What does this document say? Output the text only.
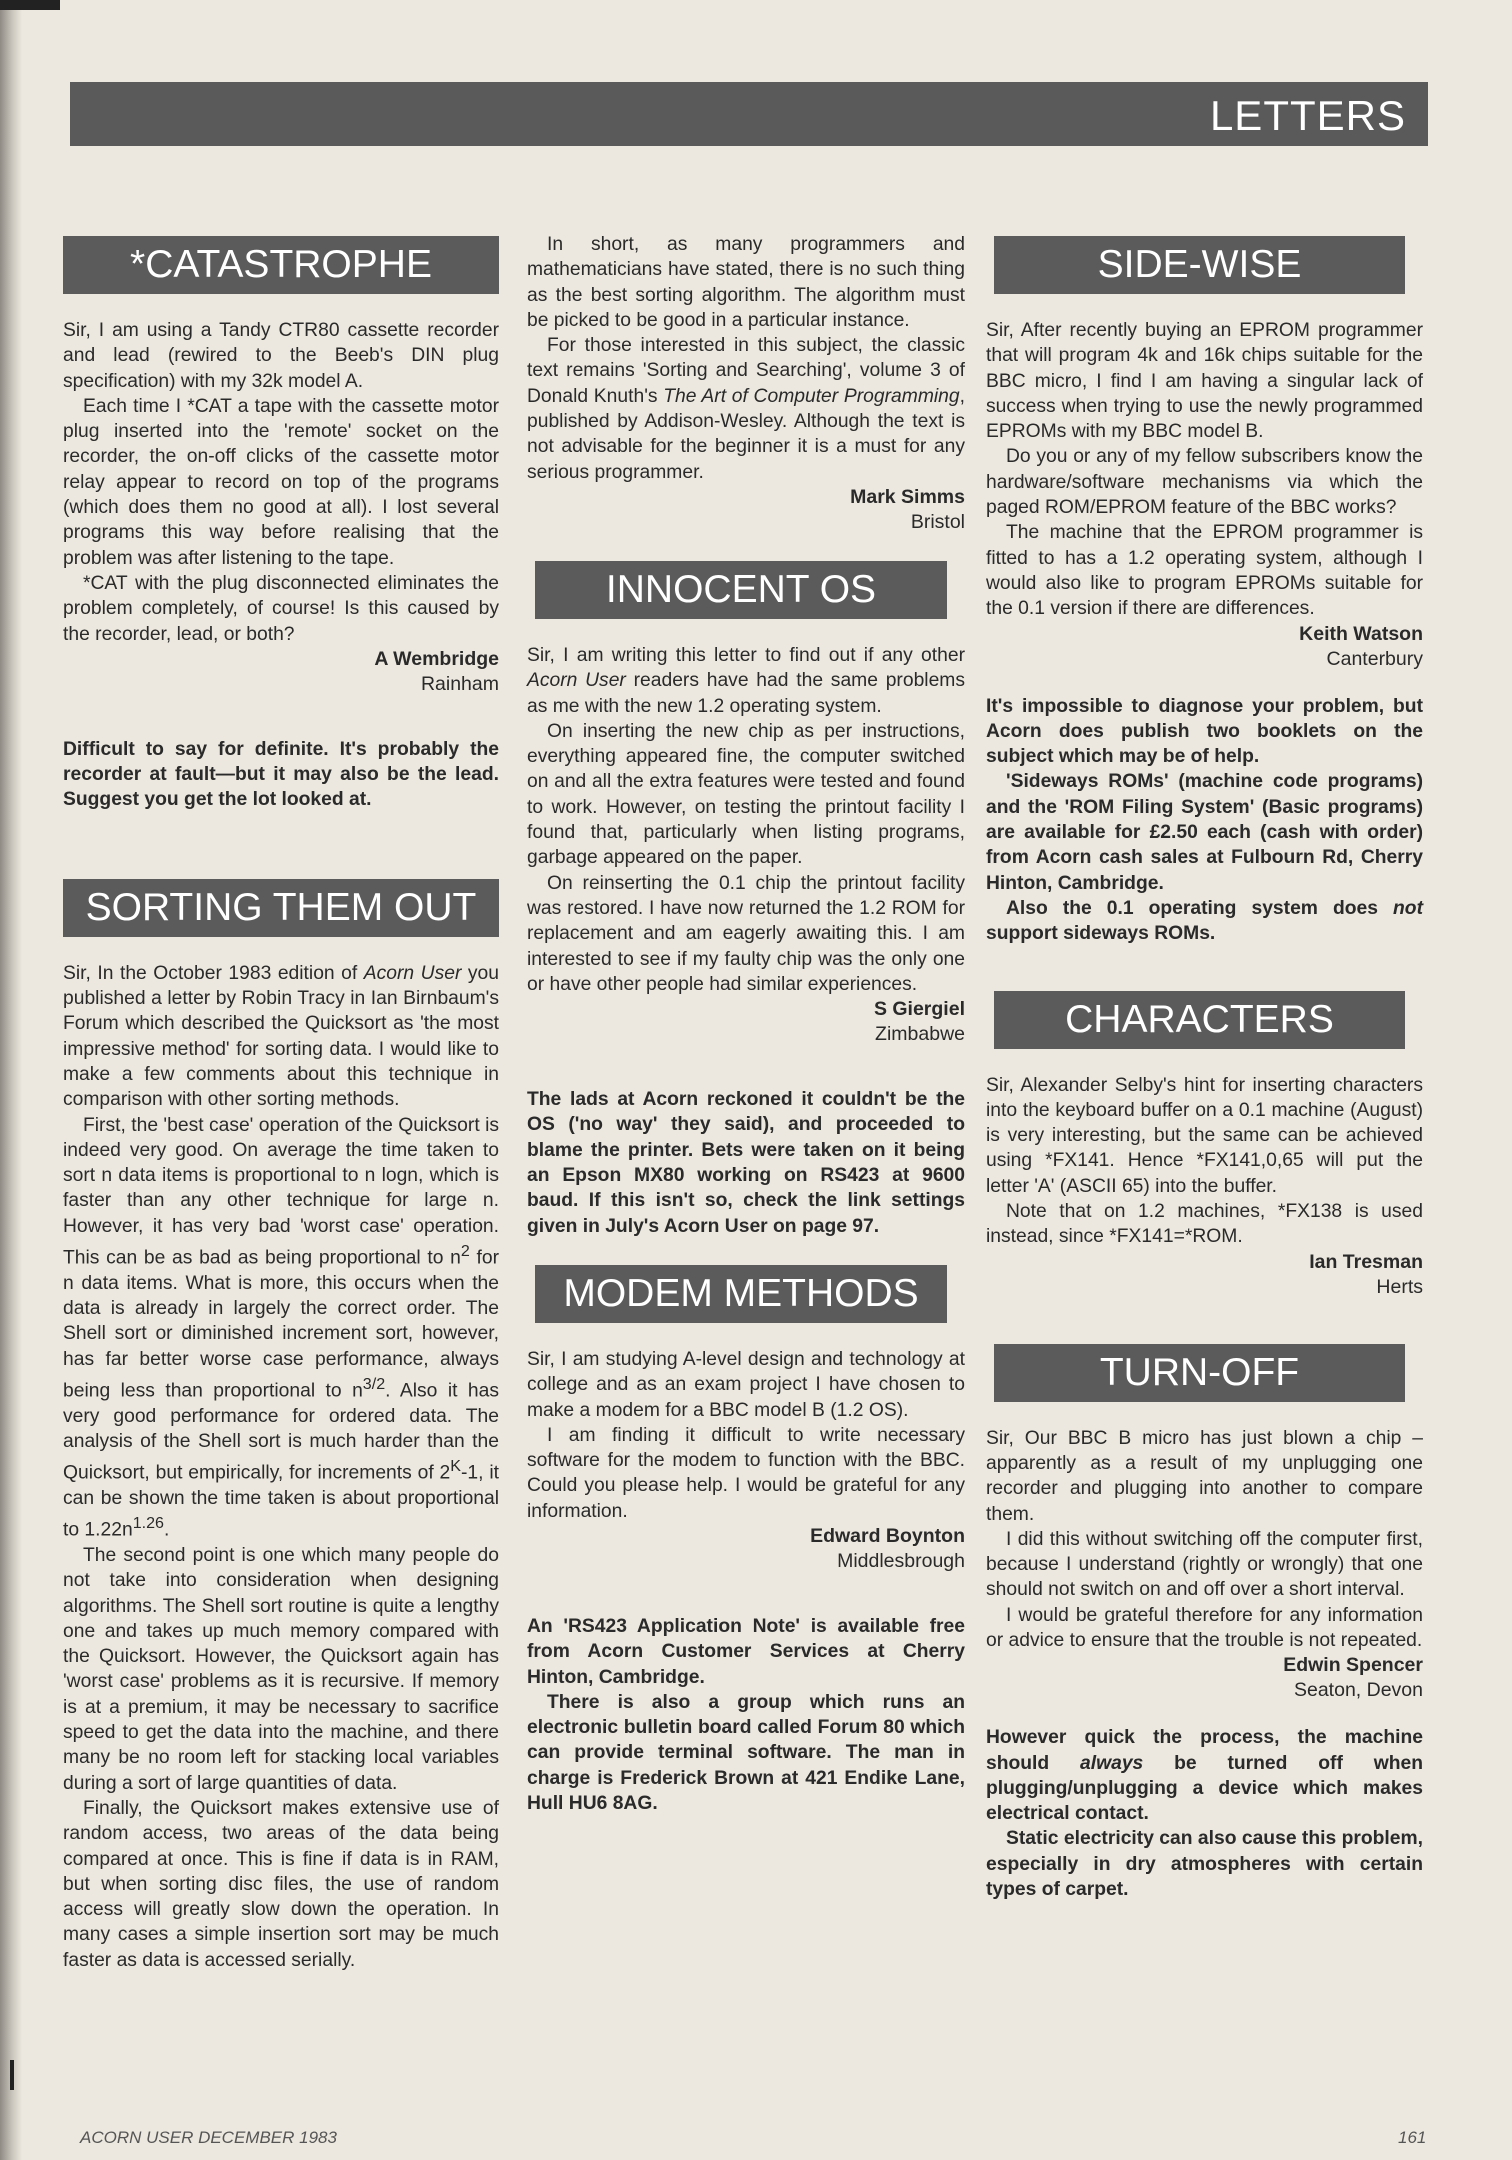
LETTERS
*CATASTROPHE

Sir, I am using a Tandy CTR80 cassette recorder and lead (rewired to the Beeb's DIN plug specification) with my 32k model A.

Each time I *CAT a tape with the cassette motor plug inserted into the 'remote' socket on the recorder, the on-off clicks of the cassette motor relay appear to record on top of the programs (which does them no good at all). I lost several programs this way before realising that the problem was after listening to the tape.

*CAT with the plug disconnected eliminates the problem completely, of course! Is this caused by the recorder, lead, or both?

A Wembridge
Rainham

Difficult to say for definite. It's probably the recorder at fault—but it may also be the lead. Suggest you get the lot looked at.

SORTING THEM OUT

Sir, In the October 1983 edition of Acorn User you published a letter by Robin Tracy in Ian Birnbaum's Forum which described the Quicksort as 'the most impressive method' for sorting data. I would like to make a few comments about this technique in comparison with other sorting methods.

First, the 'best case' operation of the Quicksort is indeed very good. On average the time taken to sort n data items is proportional to n logn, which is faster than any other technique for large n. However, it has very bad 'worst case' operation. This can be as bad as being proportional to $n^2$ for n data items. What is more, this occurs when the data is already in largely the correct order. The Shell sort or diminished increment sort, however, has far better worse case performance, always being less than proportional to $n^{3/2}$. Also it has very good performance for ordered data. The analysis of the Shell sort is much harder than the Quicksort, but empirically, for increments of $2^K-1$, it can be shown the time taken is about proportional to $1.22n^{1.26}$.

The second point is one which many people do not take into consideration when designing algorithms. The Shell sort routine is quite a lengthy one and takes up much memory compared with the Quicksort. However, the Quicksort again has 'worst case' problems as it is recursive. If memory is at a premium, it may be necessary to sacrifice speed to get the data into the machine, and there many be no room left for stacking local variables during a sort of large quantities of data.

Finally, the Quicksort makes extensive use of random access, two areas of the data being compared at once. This is fine if data is in RAM, but when sorting disc files, the use of random access will greatly slow down the operation. In many cases a simple insertion sort may be much faster as data is accessed serially.

In short, as many programmers and mathematicians have stated, there is no such thing as the best sorting algorithm. The algorithm must be picked to be good in a particular instance.

For those interested in this subject, the classic text remains 'Sorting and Searching', volume 3 of Donald Knuth's The Art of Computer Programming, published by Addison-Wesley. Although the text is not advisable for the beginner it is a must for any serious programmer.

Mark Simms
Bristol
INNOCENT OS

Sir, I am writing this letter to find out if any other Acorn User readers have had the same problems as me with the new 1.2 operating system.

On inserting the new chip as per instructions, everything appeared fine, the computer switched on and all the extra features were tested and found to work. However, on testing the printout facility I found that, particularly when listing programs, garbage appeared on the paper.

On reinserting the 0.1 chip the printout facility was restored. I have now returned the 1.2 ROM for replacement and am eagerly awaiting this. I am interested to see if my faulty chip was the only one or have other people had similar experiences.

S Giergiel
Zimbabwe

The lads at Acorn reckoned it couldn't be the OS ('no way' they said), and proceeded to blame the printer. Bets were taken on it being an Epson MX80 working on RS423 at 9600 baud. If this isn't so, check the link settings given in July's Acorn User on page 97.

MODEM METHODS

Sir, I am studying A-level design and technology at college and as an exam project I have chosen to make a modem for a BBC model B (1.2 OS).

I am finding it difficult to write necessary software for the modem to function with the BBC. Could you please help. I would be grateful for any information.

Edward Boynton
Middlesbrough

An 'RS423 Application Note' is available free from Acorn Customer Services at Cherry Hinton, Cambridge.

There is also a group which runs an electronic bulletin board called Forum 80 which can provide terminal software. The man in charge is Frederick Brown at 421 Endike Lane, Hull HU6 8AG.

SIDE-WISE

Sir, After recently buying an EPROM programmer that will program 4k and 16k chips suitable for the BBC micro, I find I am having a singular lack of success when trying to use the newly programmed EPROMs with my BBC model B.

Do you or any of my fellow subscribers know the hardware/software mechanisms via which the paged ROM/EPROM feature of the BBC works?

The machine that the EPROM programmer is fitted to has a 1.2 operating system, although I would also like to program EPROMs suitable for the 0.1 version if there are differences.

Keith Watson
Canterbury

It's impossible to diagnose your problem, but Acorn does publish two booklets on the subject which may be of help.

'Sideways ROMs' (machine code programs) and the 'ROM Filing System' (Basic programs) are available for £2.50 each (cash with order) from Acorn cash sales at Fulbourn Rd, Cherry Hinton, Cambridge.

Also the 0.1 operating system does not support sideways ROMs.

CHARACTERS

Sir, Alexander Selby's hint for inserting characters into the keyboard buffer on a 0.1 machine (August) is very interesting, but the same can be achieved using *FX141. Hence *FX141,0,65 will put the letter 'A' (ASCII 65) into the buffer.

Note that on 1.2 machines, *FX138 is used instead, since *FX141=*ROM.

Ian Tresman
Herts
TURN-OFF

Sir, Our BBC B micro has just blown a chip – apparently as a result of my unplugging one recorder and plugging into another to compare them.

I did this without switching off the computer first, because I understand (rightly or wrongly) that one should not switch on and off over a short interval.

I would be grateful therefore for any information or advice to ensure that the trouble is not repeated.

Edwin Spencer
Seaton, Devon

However quick the process, the machine should always be turned off when plugging/unplugging a device which makes electrical contact.

Static electricity can also cause this problem, especially in dry atmospheres with certain types of carpet.

ACORN USER DECEMBER 1983	161
